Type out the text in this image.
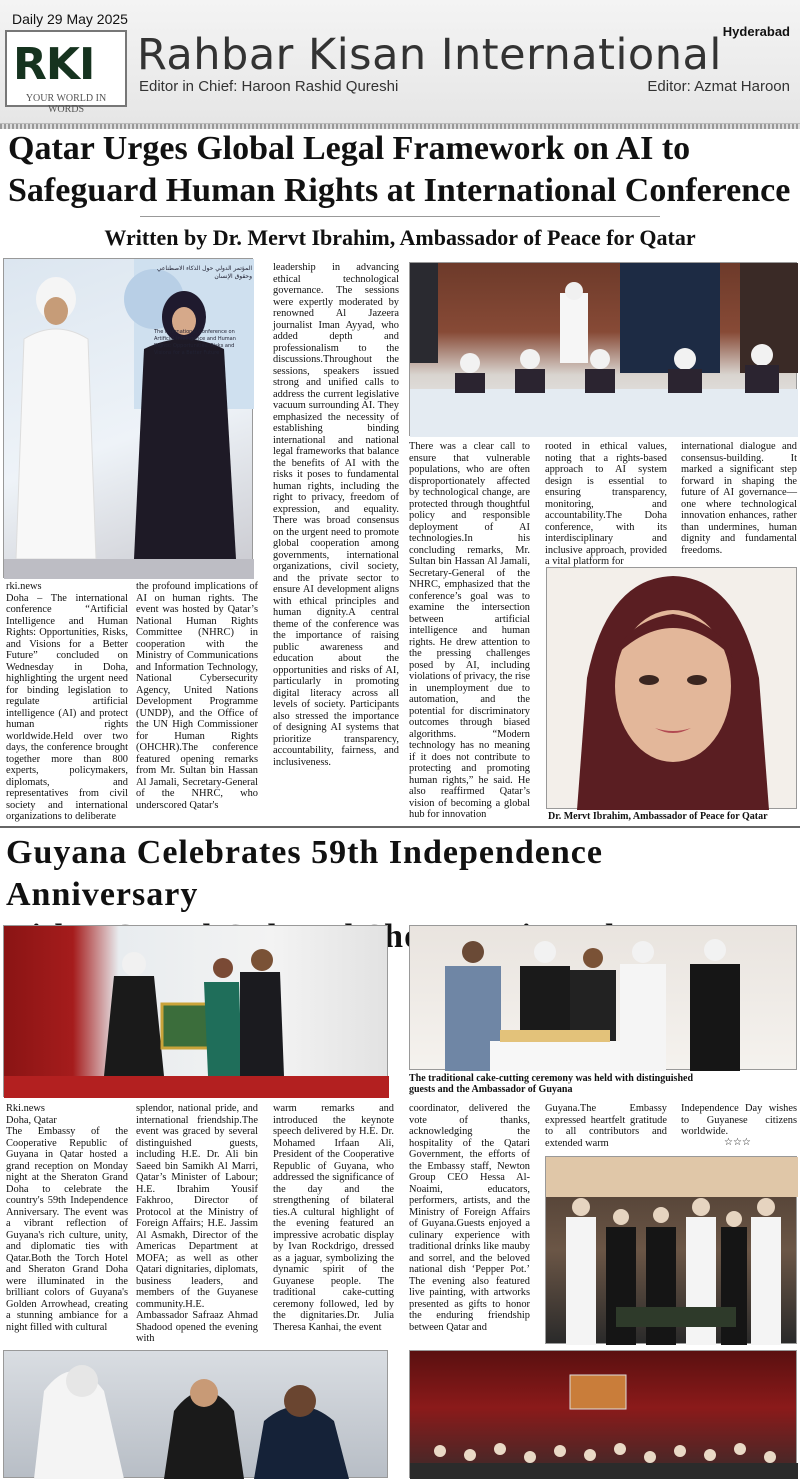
Daily 29 May 2025
Hyderabad
RKI
YOUR WORLD IN WORDS
Rahbar Kisan International
Editor in Chief: Haroon Rashid Qureshi	Editor: Azmat Haroon
Qatar Urges Global Legal Framework on AI to
Safeguard Human Rights at International Conference
Written by Dr. Mervt Ibrahim, Ambassador of Peace for Qatar
المؤتمر الدولي حول الذكاء الاصطناعي وحقوق الإنسان
The International Conference on Artificial Intelligence and Human Rights: Opportunities, Risks and Visions for a Better Future
rki.news
Doha – The international conference “Artificial Intelligence and Human Rights: Opportunities, Risks, and Visions for a Better Future” concluded on Wednesday in Doha, highlighting the urgent need for binding legislation to regulate artificial intelligence (AI) and protect human rights worldwide.Held over two days, the conference brought together more than 800 experts, policymakers, diplomats, and representatives from civil society and international organizations to deliberate
the profound implications of AI on human rights. The event was hosted by Qatar’s National Human Rights Committee (NHRC) in cooperation with the Ministry of Communications and Information Technology, National Cybersecurity Agency, United Nations Development Programme (UNDP), and the Office of the UN High Commissioner for Human Rights (OHCHR).The conference featured opening remarks from Mr. Sultan bin Hassan Al Jamali, Secretary-General of the NHRC, who underscored Qatar's
leadership in advancing ethical technological governance. The sessions were expertly moderated by renowned Al Jazeera journalist Iman Ayyad, who added depth and professionalism to the discussions.Throughout the sessions, speakers issued strong and unified calls to address the current legislative vacuum surrounding AI. They emphasized the necessity of establishing binding international and national legal frameworks that balance the benefits of AI with the risks it poses to fundamental human rights, including the right to privacy, freedom of expression, and equality. There was broad consensus on the urgent need to promote global cooperation among governments, international organizations, civil society, and the private sector to ensure AI development aligns with ethical principles and human dignity.A central theme of the conference was the importance of raising public awareness and education about the opportunities and risks of AI, particularly in promoting digital literacy across all levels of society. Participants also stressed the importance of designing AI systems that prioritize transparency, accountability, fairness, and inclusiveness.
There was a clear call to ensure that vulnerable populations, who are often disproportionately affected by technological change, are protected through thoughtful policy and responsible deployment of AI technologies.In his concluding remarks, Mr. Sultan bin Hassan Al Jamali, Secretary-General of the NHRC, emphasized that the conference’s goal was to examine the intersection between artificial intelligence and human rights. He drew attention to the pressing challenges posed by AI, including violations of privacy, the rise in unemployment due to automation, and the potential for discriminatory outcomes through biased algorithms. “Modern technology has no meaning if it does not contribute to protecting and promoting human rights,” he said. He also reaffirmed Qatar’s vision of becoming a global hub for innovation
rooted in ethical values, noting that a rights-based approach to AI system design is essential to ensuring transparency, monitoring, and accountability.The Doha conference, with its interdisciplinary and inclusive approach, provided a vital platform for
international dialogue and consensus-building. It marked a significant step forward in shaping the future of AI governance—one where technological innovation enhances, rather than undermines, human dignity and fundamental freedoms.
Dr. Mervt Ibrahim, Ambassador of Peace for Qatar
Guyana Celebrates 59th Independence Anniversary
The traditional cake-cutting ceremony was held with distinguished guests and the Ambassador of Guyana
Rki.news
Doha, Qatar
The Embassy of the Cooperative Republic of Guyana in Qatar hosted a grand reception on Monday night at the Sheraton Grand Doha to celebrate the country's 59th Independence Anniversary. The event was a vibrant reflection of Guyana's rich culture, unity, and diplomatic ties with Qatar.Both the Torch Hotel and Sheraton Grand Doha were illuminated in the brilliant colors of Guyana's Golden Arrowhead, creating a stunning ambiance for a night filled with cultural
splendor, national pride, and international friendship.The event was graced by several distinguished guests, including H.E. Dr. Ali bin Saeed bin Samikh Al Marri, Qatar’s Minister of Labour; H.E. Ibrahim Yousif Fakhroo, Director of Protocol at the Ministry of Foreign Affairs; H.E. Jassim Al Asmakh, Director of the Americas Department at MOFA; as well as other Qatari dignitaries, diplomats, business leaders, and members of the Guyanese community.H.E. Ambassador Safraaz Ahmad Shadood opened the evening with
warm remarks and introduced the keynote speech delivered by H.E. Dr. Mohamed Irfaan Ali, President of the Cooperative Republic of Guyana, who addressed the significance of the day and the strengthening of bilateral ties.A cultural highlight of the evening featured an impressive acrobatic display by Ivan Rockdrigo, dressed as a jaguar, symbolizing the dynamic spirit of the Guyanese people. The traditional cake-cutting ceremony followed, led by the dignitaries.Dr. Julia Theresa Kanhai, the event
coordinator, delivered the vote of thanks, acknowledging the hospitality of the Qatari Government, the efforts of the Embassy staff, Newton Group CEO Hessa Al-Noaimi, educators, performers, artists, and the Ministry of Foreign Affairs of Guyana.Guests enjoyed a culinary experience with traditional drinks like mauby and sorrel, and the beloved national dish ‘Pepper Pot.’ The evening also featured live painting, with artworks presented as gifts to honor the enduring friendship between Qatar and
Guyana.The Embassy expressed heartfelt gratitude to all contributors and extended warm
Independence Day wishes to Guyanese citizens worldwide.
☆☆☆
